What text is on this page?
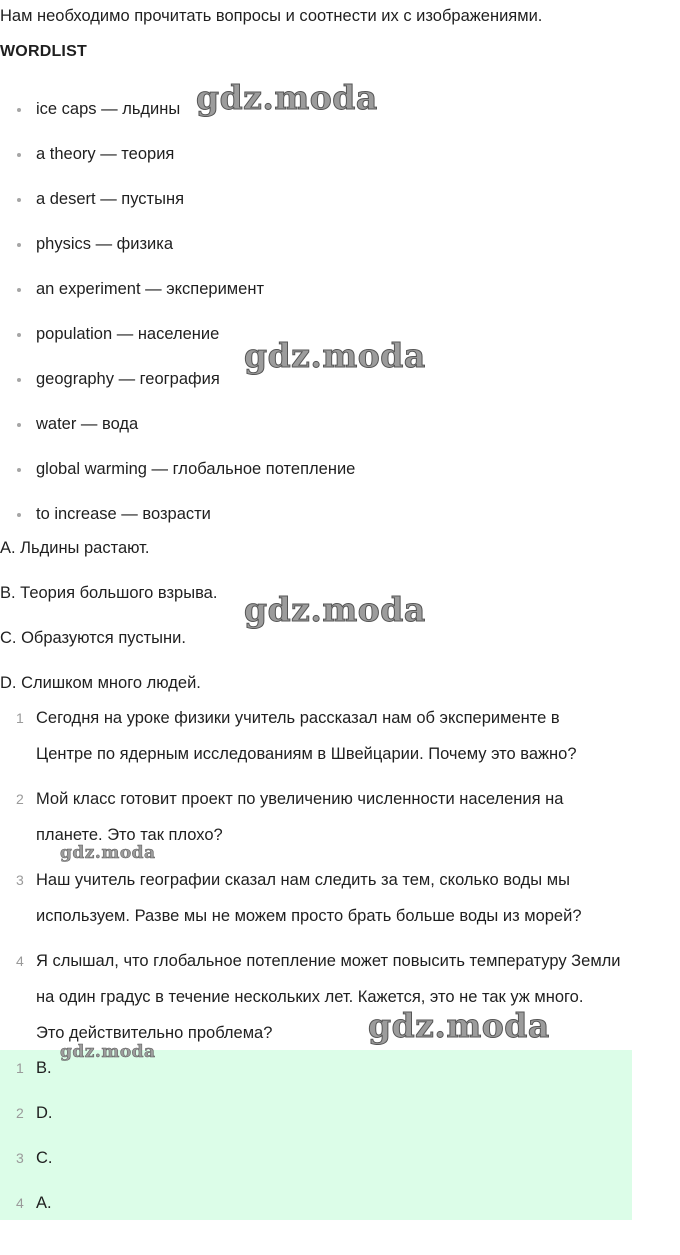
Нам необходимо прочитать вопросы и соотнести их с изображениями.
WORDLIST
ice caps — льдины
a theory — теория
a desert — пустыня
physics — физика
an experiment — эксперимент
population — население
geography — география
water — вода
global warming — глобальное потепление
to increase — возрасти
A. Льдины растают.
B. Теория большого взрыва.
C. Образуются пустыни.
D. Слишком много людей.
1 Сегодня на уроке физики учитель рассказал нам об эксперименте в
Центре по ядерным исследованиям в Швейцарии. Почему это важно?
2 Мой класс готовит проект по увеличению численности населения на
планете. Это так плохо?
3 Наш учитель географии сказал нам следить за тем, сколько воды мы
используем. Разве мы не можем просто брать больше воды из морей?
4 Я слышал, что глобальное потепление может повысить температуру Земли
на один градус в течение нескольких лет. Кажется, это не так уж много.
Это действительно проблема?
1 B.
2 D.
3 C.
4 A.
gdz.moda
gdz.moda
gdz.moda
gdz.moda
gdz.moda
gdz.moda
